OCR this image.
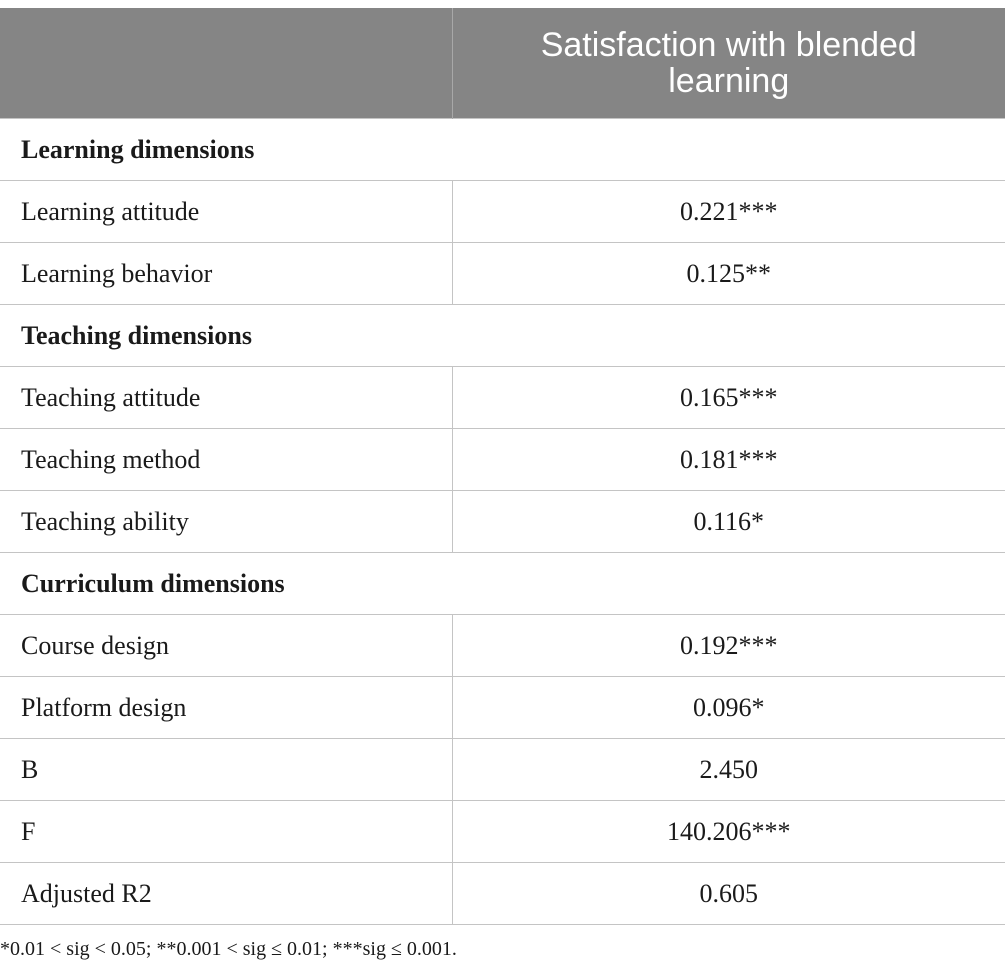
	Satisfaction with blended learning

Learning dimensions	
Learning attitude	0.221***
Learning behavior	0.125**
Teaching dimensions	
Teaching attitude	0.165***
Teaching method	0.181***
Teaching ability	0.116*
Curriculum dimensions	
Course design	0.192***
Platform design	0.096*
B	2.450
F	140.206***
Adjusted R2	0.605
*0.01 < sig < 0.05; **0.001 < sig ≤ 0.01; ***sig ≤ 0.001.
